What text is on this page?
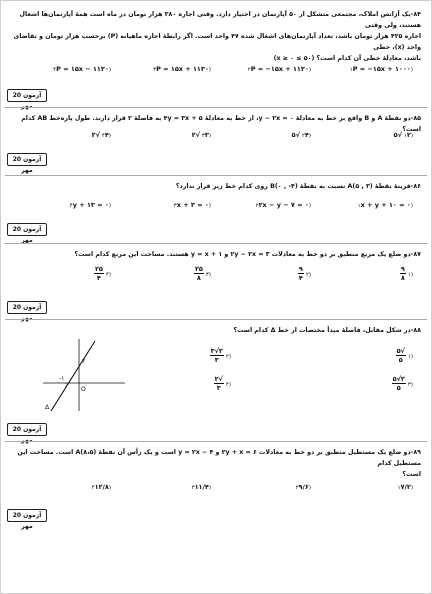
۸۴-یک آژانس املاک، مجتمعی متشکل از ۵۰ آپارتمان در اختیار دارد. وقتی اجاره ۳۸۰ هزار تومان در ماه است همهٔ آپارتمان‌ها اشغال هستند، ولی وقتی
اجاره ۴۲۵ هزار تومان باشد، تعداد آپارتمان‌های اشغال شده ۴۷ واحد است. اگر رابطهٔ اجاره ماهیانه (P) برحسب هزار تومان و تقاضای واحد (x)، خطی
باشد، معادلهٔ خطی آن کدام است؟ (۵۰ ≥ x ≥ ۰)
(۱P = −۱۵x + ۱۰۰۰
(۲P = −۱۵x + ۱۱۳۰
(۳P = ۱۵x + ۱۱۳۰
(۴P = ۱۵x − ۱۱۳۰
آزمون 20 مهر
۸۵-دو نقطهٔ A و B واقع بر خط به معادلهٔ ۰ = y − ۲x، از خط به معادلهٔ ۵ + ۴y = ۳x به فاصلهٔ ۲ قرار دارند. طول پاره‌خط AB کدام است؟
(۱۲√۵
(۲۴√۵
(۳۳√۲
(۴۴√۲
آزمون 20 مهر
۸۶-قرینهٔ نقطهٔ (۳ , ۵)A نسبت به نقطهٔ (۴- , ۰)B روی کدام خط زیر قرار ندارد؟
(۱x + y + ۱۰ = ۰
(۲۲x − y − ۷ = ۰
(۳x + ۳ = ۰
(۴y + ۱۳ = ۰
آزمون 20 مهر
۸۷-دو ضلع یک مربع منطبق بر دو خط به معادلات ۳ = ۲y − ۲x و y = x + ۱ هستند. مساحت این مربع کدام است؟
(۱
$\frac{۹}{۸}$
(۲
$\frac{۹}{۴}$
(۳
$\frac{۲۵}{۸}$
(۴
$\frac{۲۵}{۴}$
آزمون 20 مهر
۸۸-در شکل مقابل، فاصلهٔ مبدأ مختصات از خط Δ کدام است؟
(۱
$\frac{√۵}{۵}$
(۲
$\frac{۲√۳}{۳}$
(۳
$\frac{۲√۵}{۵}$
(۴
$\frac{√۲}{۳}$
۲
-۱
O
Δ
آزمون 20 مهر
۸۹-دو ضلع یک مستطیل منطبق بر دو خط به معادلات ۶ = ۲y + x و y = ۲x − ۴ است و یک رأس آن نقطهٔ (۸،۵)A است. مساحت این مستطیل کدام
است؟
(۱۷/۲
(۲۹/۶
(۳۱۱/۴
(۴۱۲/۸
آزمون 20 مهر
